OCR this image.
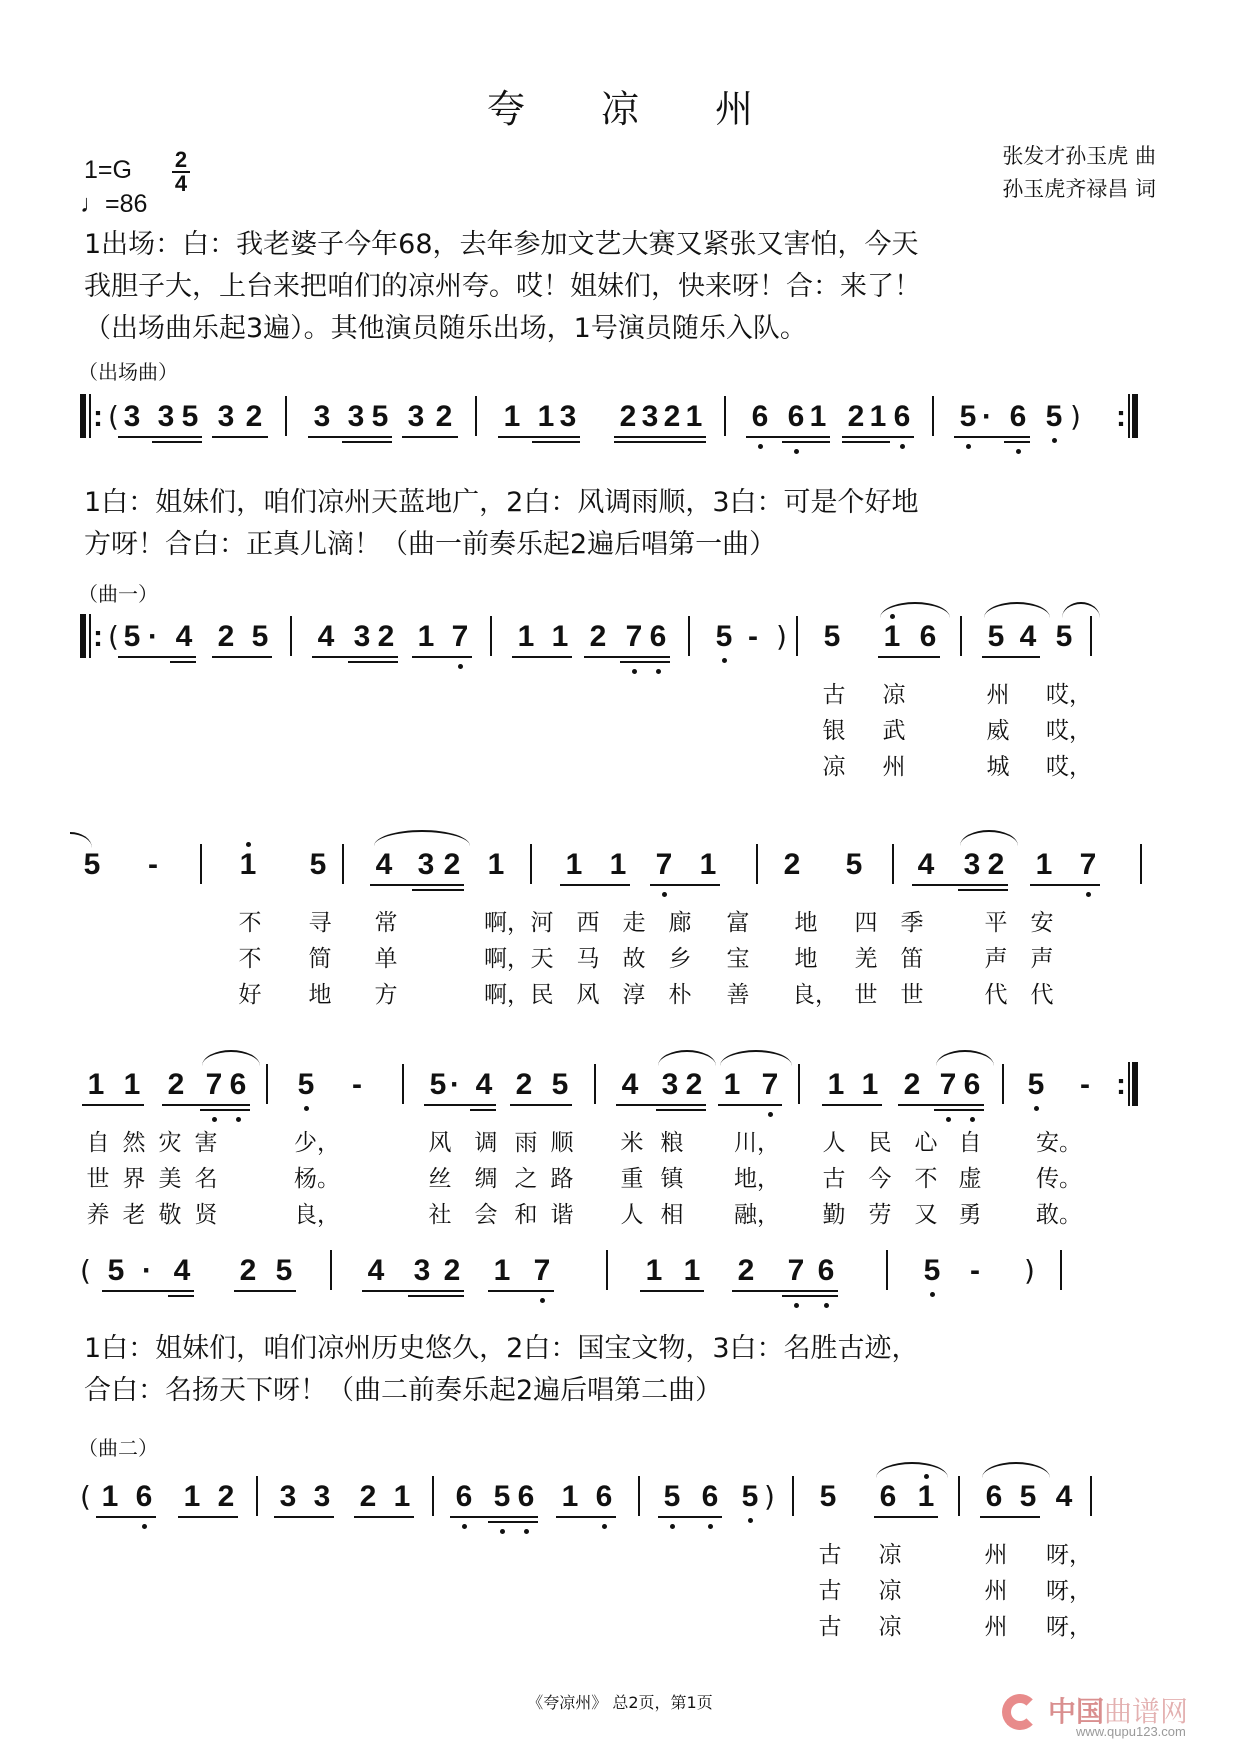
夸 凉 州
1=G 2
4
♩=86
张发才孙玉虎 曲
孙玉虎齐禄昌 词
1出场：白：我老婆子今年68，去年参加文艺大赛又紧张又害怕，今天
我胆子大，上台来把咱们的凉州夸。哎！姐妹们，快来呀！合：来了！
（出场曲乐起3遍）。其他演员随乐出场，1号演员随乐入队。
（出场曲）
: ( 3 3 5 3 2 3 3 5 3 2 1 1 3 2 3 2 1 6 6 1 2 1 6 5 · 6 5 ) :
1白：姐妹们，咱们凉州天蓝地广，2白：风调雨顺，3白：可是个好地
方呀！合白：正真儿滴！（曲一前奏乐起2遍后唱第一曲）
（曲一）
: ( 5 · 4 2 5 4 3 2 1 7 1 1 2 7 6 5 - ) 5 1 6 5 4 5
古
银
凉
凉
武
州
州
威
城
哎，
哎，
哎，
5 -	1 5 4 3 2 1 1 1 7 1 2 5 4 3 2 1 7
不
不
好
寻
简
地
常
单
方
啊，
啊，
啊，
河
天
民
西
马
风
走
故
淳
廊
乡
朴
富
宝
善
地
地
良，
四
羌
世
季
笛
世
平
声
代
安
声
代
1 1 2 7 6 5 - 5 · 4 2 5 4 3 2 1 7 1 1 2 7 6 5 - :
自
世
养
然
界
老
灾
美
敬
害
名
贤
少，
杨。
良，
风
丝
社
调
绸
会
雨
之
和
顺
路
谐
米
重
人
粮
镇
相
川，
地，
融，
人
古
勤
民
今
劳
心
不
又
自
虚
勇
安。
传。
敢。
( 5 · 4 2 5	4 3 2 1 7	1 1 2 7 6	5 - )
1白：姐妹们，咱们凉州历史悠久，2白：国宝文物，3白：名胜古迹，
合白：名扬天下呀！（曲二前奏乐起2遍后唱第二曲）
（曲二）
( 1 6 1 2 3 3 2 1 6 5 6 1 6 5 6 5 ) 5 6 1 6 5 4
古
古
古
凉
凉
凉
州
州
州
呀，
呀，
呀，
《夸凉州》 总2页，第1页	中国曲谱网
www.qupu123.com
